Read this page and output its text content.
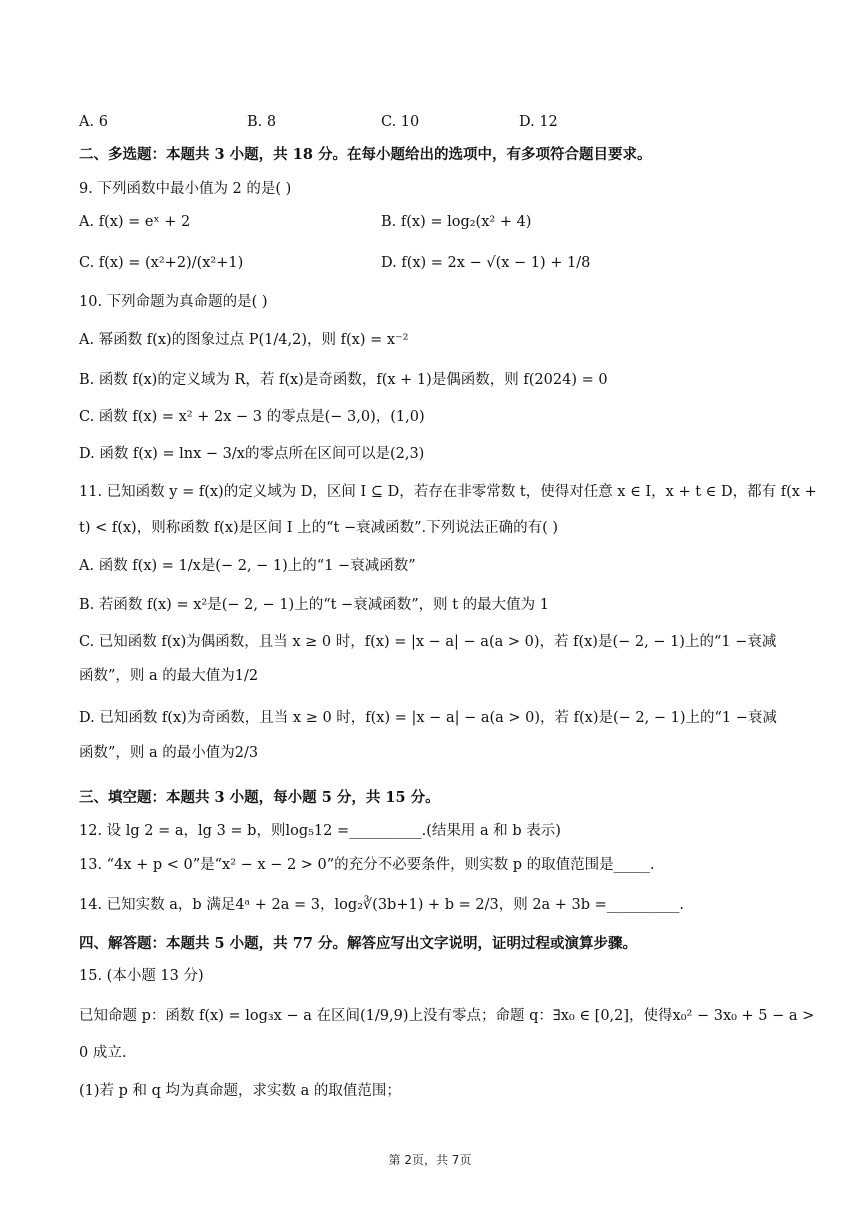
A. 6	B. 8	C. 10	D. 12
二、多选题：本题共 3 小题，共 18 分。在每小题给出的选项中，有多项符合题目要求。
9. 下列函数中最小值为 2 的是( )
A. f(x) = eˣ + 2	B. f(x) = log₂(x² + 4)
C. f(x) = (x²+2)/(x²+1)	D. f(x) = 2x − √(x − 1) + 1/8
10. 下列命题为真命题的是( )
A. 幂函数 f(x)的图象过点 P(1/4,2)，则 f(x) = x⁻²
B. 函数 f(x)的定义域为 R，若 f(x)是奇函数，f(x + 1)是偶函数，则 f(2024) = 0
C. 函数 f(x) = x² + 2x − 3 的零点是(− 3,0)，(1,0)
D. 函数 f(x) = lnx − 3/x的零点所在区间可以是(2,3)
11. 已知函数 y = f(x)的定义域为 D，区间 I ⊆ D，若存在非零常数 t，使得对任意 x ∈ I，x + t ∈ D，都有 f(x +
t) < f(x)，则称函数 f(x)是区间 I 上的“t −衰减函数”.下列说法正确的有( )
A. 函数 f(x) = 1/x是(− 2, − 1)上的“1 −衰减函数”
B. 若函数 f(x) = x²是(− 2, − 1)上的“t −衰减函数”，则 t 的最大值为 1
C. 已知函数 f(x)为偶函数，且当 x ≥ 0 时，f(x) = |x − a| − a(a > 0)，若 f(x)是(− 2, − 1)上的“1 −衰减
函数”，则 a 的最大值为1/2
D. 已知函数 f(x)为奇函数，且当 x ≥ 0 时，f(x) = |x − a| − a(a > 0)，若 f(x)是(− 2, − 1)上的“1 −衰减
函数”，则 a 的最小值为2/3
三、填空题：本题共 3 小题，每小题 5 分，共 15 分。
12. 设 lg 2 = a，lg 3 = b，则log₅12 =__________.(结果用 a 和 b 表示)
13. “4x + p < 0”是“x² − x − 2 > 0”的充分不必要条件，则实数 p 的取值范围是_____.
14. 已知实数 a，b 满足4ᵃ + 2a = 3，log₂∛(3b+1) + b = 2/3，则 2a + 3b =__________.
四、解答题：本题共 5 小题，共 77 分。解答应写出文字说明，证明过程或演算步骤。
15. (本小题 13 分)
已知命题 p：函数 f(x) = log₃x − a 在区间(1/9,9)上没有零点；命题 q：∃x₀ ∈ [0,2]，使得x₀² − 3x₀ + 5 − a >
0 成立.
(1)若 p 和 q 均为真命题，求实数 a 的取值范围；
第 2页，共 7页
